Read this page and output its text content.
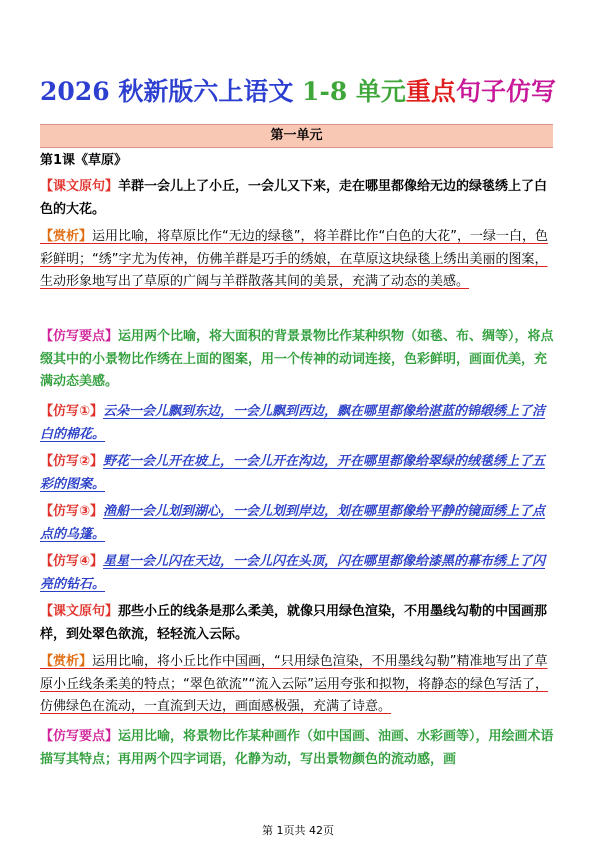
2026 秋新版六上语文 1-8 单元重点句子仿写
第一单元
第1课《草原》

【课文原句】羊群一会儿上了小丘，一会儿又下来，走在哪里都像给无边的绿毯绣上了白色的大花。

【赏析】运用比喻，将草原比作“无边的绿毯”，将羊群比作“白色的大花”，一绿一白，色彩鲜明；“绣”字尤为传神，仿佛羊群是巧手的绣娘，在草原这块绿毯上绣出美丽的图案，生动形象地写出了草原的广阔与羊群散落其间的美景，充满了动态的美感。

【仿写要点】运用两个比喻，将大面积的背景景物比作某种织物（如毯、布、绸等），将点缀其中的小景物比作绣在上面的图案，用一个传神的动词连接，色彩鲜明，画面优美，充满动态美感。

【仿写①】云朵一会儿飘到东边，一会儿飘到西边，飘在哪里都像给湛蓝的锦缎绣上了洁白的棉花。

【仿写②】野花一会儿开在坡上，一会儿开在沟边，开在哪里都像给翠绿的绒毯绣上了五彩的图案。

【仿写③】渔船一会儿划到湖心，一会儿划到岸边，划在哪里都像给平静的镜面绣上了点点的乌篷。

【仿写④】星星一会儿闪在天边，一会儿闪在头顶，闪在哪里都像给漆黑的幕布绣上了闪亮的钻石。

【课文原句】那些小丘的线条是那么柔美，就像只用绿色渲染，不用墨线勾勒的中国画那样，到处翠色欲流，轻轻流入云际。

【赏析】运用比喻，将小丘比作中国画，“只用绿色渲染，不用墨线勾勒”精准地写出了草原小丘线条柔美的特点；“翠色欲流”“流入云际”运用夸张和拟物，将静态的绿色写活了，仿佛绿色在流动，一直流到天边，画面感极强，充满了诗意。

【仿写要点】运用比喻，将景物比作某种画作（如中国画、油画、水彩画等），用绘画术语描写其特点；再用两个四字词语，化静为动，写出景物颜色的流动感，画

第 1页共 42页
